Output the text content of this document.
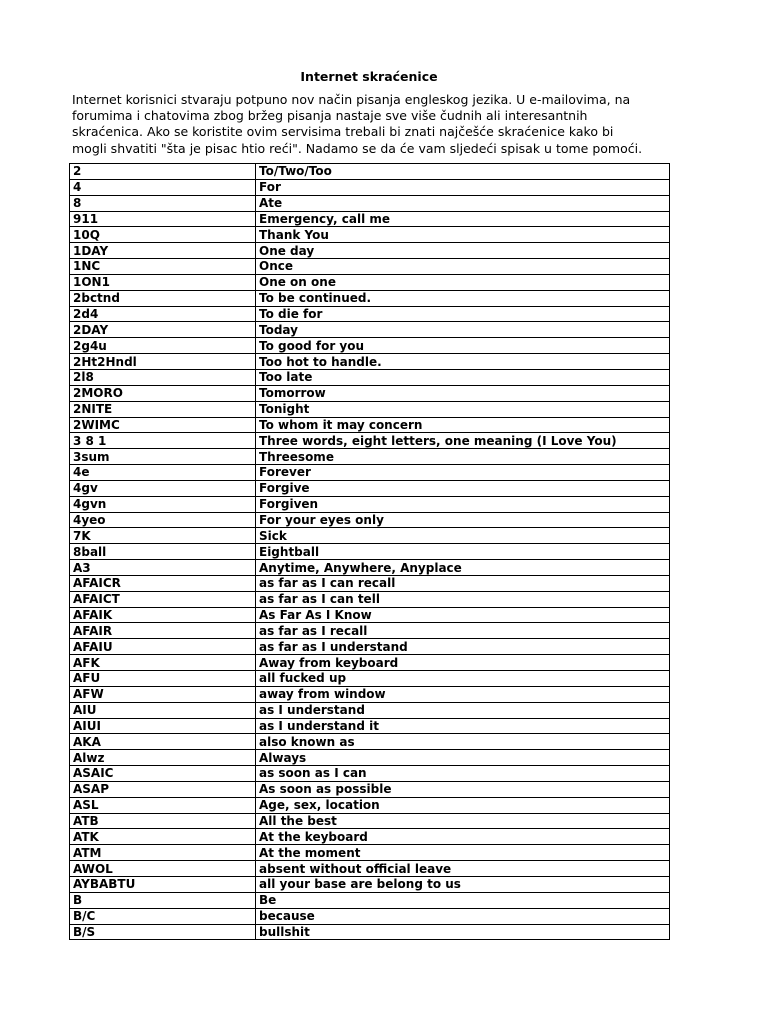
Internet skraćenice

Internet korisnici stvaraju potpuno nov način pisanja engleskog jezika. U e-mailovima, na
forumima i chatovima zbog bržeg pisanja nastaje sve više čudnih ali interesantnih
skraćenica. Ako se koristite ovim servisima trebali bi znati najčešće skraćenice kako bi
mogli shvatiti "šta je pisac htio reći". Nadamo se da će vam sljedeći spisak u tome pomoći.

2	To/Two/Too
4	For
8	Ate
911	Emergency, call me
10Q	Thank You
1DAY	One day
1NC	Once
1ON1	One on one
2bctnd	To be continued.
2d4	To die for
2DAY	Today
2g4u	To good for you
2Ht2Hndl	Too hot to handle.
2l8	Too late
2MORO	Tomorrow
2NITE	Tonight
2WIMC	To whom it may concern
3 8 1	Three words, eight letters, one meaning (I Love You)
3sum	Threesome
4e	Forever
4gv	Forgive
4gvn	Forgiven
4yeo	For your eyes only
7K	Sick
8ball	Eightball
A3	Anytime, Anywhere, Anyplace
AFAICR	as far as I can recall
AFAICT	as far as I can tell
AFAIK	As Far As I Know
AFAIR	as far as I recall
AFAIU	as far as I understand
AFK	Away from keyboard
AFU	all fucked up
AFW	away from window
AIU	as I understand
AIUI	as I understand it
AKA	also known as
Alwz	Always
ASAIC	as soon as I can
ASAP	As soon as possible
ASL	Age, sex, location
ATB	All the best
ATK	At the keyboard
ATM	At the moment
AWOL	absent without official leave
AYBABTU	all your base are belong to us
B	Be
B/C	because
B/S	bullshit
